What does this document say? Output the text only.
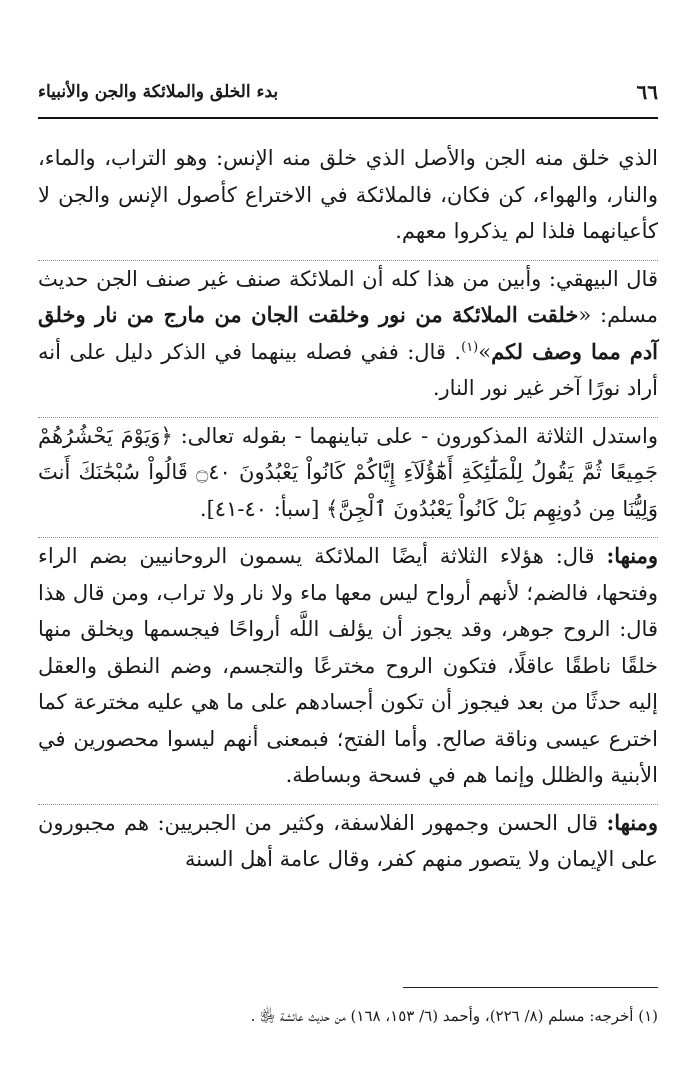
٦٦
بدء الخلق والملائكة والجن والأنبياء

الذي خلق منه الجن والأصل الذي خلق منه الإنس: وهو التراب، والماء، والنار، والهواء، كن فكان، فالملائكة في الاختراع كأصول الإنس والجن لا كأعيانهما فلذا لم يذكروا معهم.

قال البيهقي: وأبين من هذا كله أن الملائكة صنف غير صنف الجن حديث مسلم: «خلقت الملائكة من نور وخلقت الجان من مارج من نار وخلق آدم مما وصف لكم»$^{(١)}$. قال: ففي فصله بينهما في الذكر دليل على أنه أراد نورًا آخر غير نور النار.

واستدل الثلاثة المذكورون - على تباينهما - بقوله تعالى: ﴿وَيَوْمَ يَحْشُرُهُمْ جَمِيعًا ثُمَّ يَقُولُ لِلْمَلَٰٓئِكَةِ أَهَٰٓؤُلَآءِ إِيَّاكُمْ كَانُواْ يَعْبُدُونَ ۝٤٠ قَالُواْ سُبْحَٰنَكَ أَنتَ وَلِيُّنَا مِن دُونِهِم بَلْ كَانُواْ يَعْبُدُونَ ٱلْجِنَّ﴾ [سبأ: ٤٠-٤١].

ومنها: قال: هؤلاء الثلاثة أيضًا الملائكة يسمون الروحانيين بضم الراء وفتحها، فالضم؛ لأنهم أرواح ليس معها ماء ولا نار ولا تراب، ومن قال هذا قال: الروح جوهر، وقد يجوز أن يؤلف اللَّه أرواحًا فيجسمها ويخلق منها خلقًا ناطقًا عاقلًا، فتكون الروح مخترعًا والتجسم، وضم النطق والعقل إليه حدثًا من بعد فيجوز أن تكون أجسادهم على ما هي عليه مخترعة كما اخترع عيسى وناقة صالح. وأما الفتح؛ فبمعنى أنهم ليسوا محصورين في الأبنية والظلل وإنما هم في فسحة وبساطة.

ومنها: قال الحسن وجمهور الفلاسفة، وكثير من الجبريين: هم مجبورون على الإيمان ولا يتصور منهم كفر، وقال عامة أهل السنة

(١) أخرجه: مسلم (٨/ ٢٢٦)، وأحمد (٦/ ١٥٣، ١٦٨) من حديث عائشة ﵂ .
